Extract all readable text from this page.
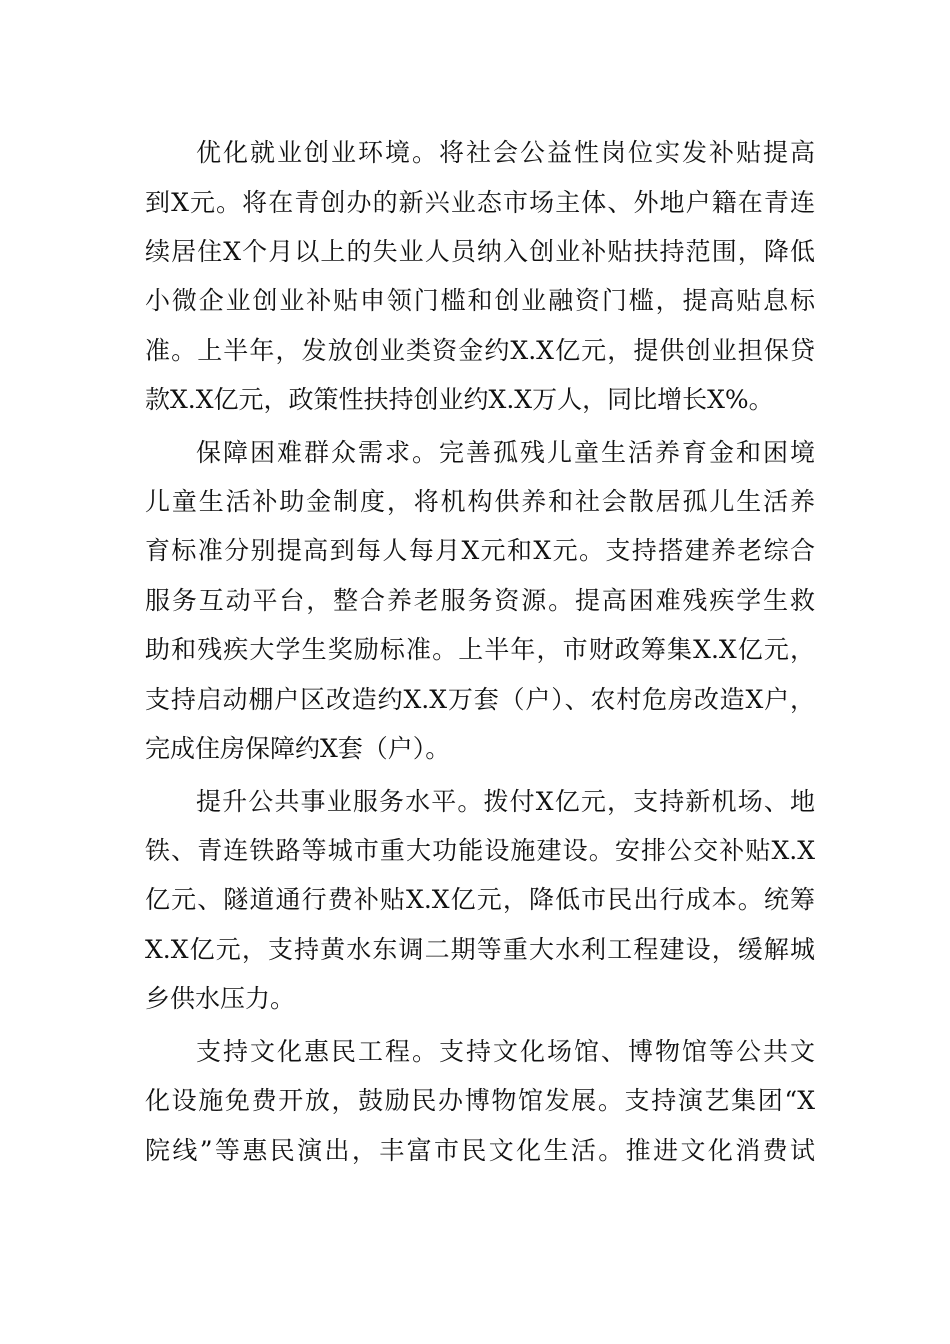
优化就业创业环境。将社会公益性岗位实发补贴提高
到X元。将在青创办的新兴业态市场主体、外地户籍在青连
续居住X个月以上的失业人员纳入创业补贴扶持范围，降低
小微企业创业补贴申领门槛和创业融资门槛，提高贴息标
准。上半年，发放创业类资金约X.X亿元，提供创业担保贷
款X.X亿元，政策性扶持创业约X.X万人，同比增长X%。
保障困难群众需求。完善孤残儿童生活养育金和困境
儿童生活补助金制度，将机构供养和社会散居孤儿生活养
育标准分别提高到每人每月X元和X元。支持搭建养老综合
服务互动平台，整合养老服务资源。提高困难残疾学生救
助和残疾大学生奖励标准。上半年，市财政筹集X.X亿元，
支持启动棚户区改造约X.X万套（户）、农村危房改造X户，
完成住房保障约X套（户）。
提升公共事业服务水平。拨付X亿元，支持新机场、地
铁、青连铁路等城市重大功能设施建设。安排公交补贴X.X
亿元、隧道通行费补贴X.X亿元，降低市民出行成本。统筹
X.X亿元，支持黄水东调二期等重大水利工程建设，缓解城
乡供水压力。
支持文化惠民工程。支持文化场馆、博物馆等公共文
化设施免费开放，鼓励民办博物馆发展。支持演艺集团“X
院线”等惠民演出，丰富市民文化生活。推进文化消费试
